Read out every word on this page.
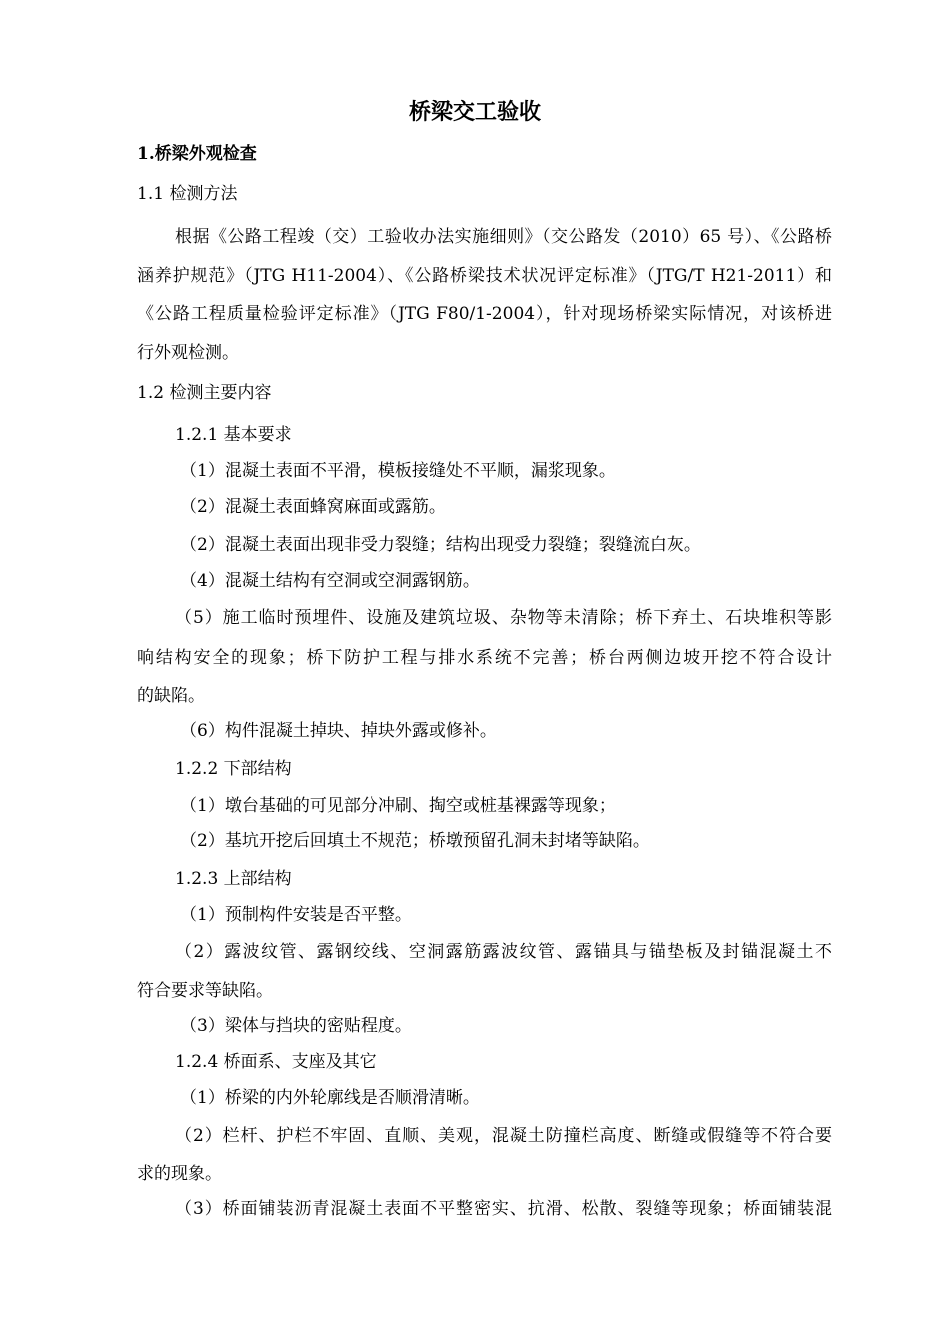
桥梁交工验收
1.桥梁外观检查
1.1 检测方法
根据《公路工程竣（交）工验收办法实施细则》（交公路发（2010）65 号）、《公路桥
涵养护规范》（JTG H11-2004）、《公路桥梁技术状况评定标准》（JTG/T H21-2011）和
《公路工程质量检验评定标准》（JTG F80/1-2004），针对现场桥梁实际情况，对该桥进
行外观检测。
1.2 检测主要内容
1.2.1 基本要求
（1）混凝土表面不平滑，模板接缝处不平顺，漏浆现象。
（2）混凝土表面蜂窝麻面或露筋。
（2）混凝土表面出现非受力裂缝；结构出现受力裂缝；裂缝流白灰。
（4）混凝土结构有空洞或空洞露钢筋。
（5）施工临时预埋件、设施及建筑垃圾、杂物等未清除；桥下弃土、石块堆积等影
响结构安全的现象；桥下防护工程与排水系统不完善；桥台两侧边坡开挖不符合设计
的缺陷。
（6）构件混凝土掉块、掉块外露或修补。
1.2.2 下部结构
（1）墩台基础的可见部分冲刷、掏空或桩基裸露等现象；
（2）基坑开挖后回填土不规范；桥墩预留孔洞未封堵等缺陷。
1.2.3 上部结构
（1）预制构件安装是否平整。
（2）露波纹管、露钢绞线、空洞露筋露波纹管、露锚具与锚垫板及封锚混凝土不
符合要求等缺陷。
（3）梁体与挡块的密贴程度。
1.2.4 桥面系、支座及其它
（1）桥梁的内外轮廓线是否顺滑清晰。
（2）栏杆、护栏不牢固、直顺、美观，混凝土防撞栏高度、断缝或假缝等不符合要
求的现象。
（3）桥面铺装沥青混凝土表面不平整密实、抗滑、松散、裂缝等现象；桥面铺装混
